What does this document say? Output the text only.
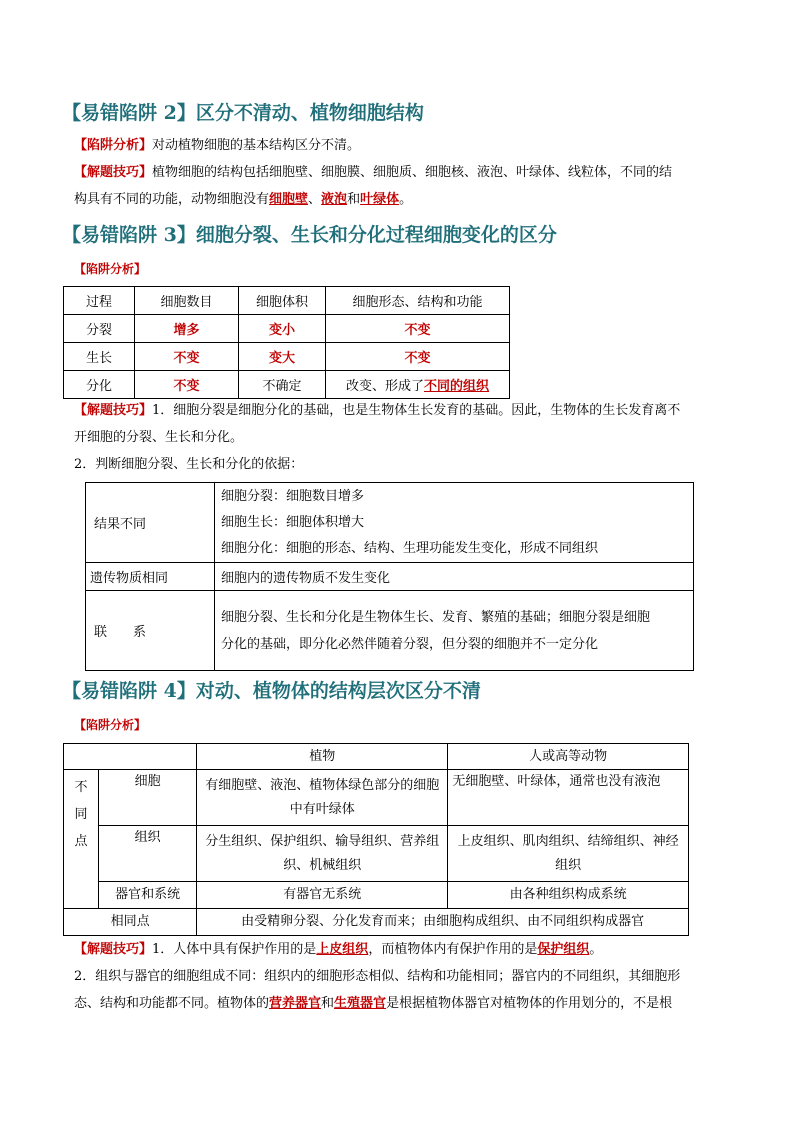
【易错陷阱 2】区分不清动、植物细胞结构
【陷阱分析】对动植物细胞的基本结构区分不清。
【解题技巧】植物细胞的结构包括细胞壁、细胞膜、细胞质、细胞核、液泡、叶绿体、线粒体，不同的结
构具有不同的功能，动物细胞没有细胞壁、液泡和叶绿体。
【易错陷阱 3】细胞分裂、生长和分化过程细胞变化的区分
【陷阱分析】
过程	细胞数目	细胞体积	细胞形态、结构和功能
分裂	增多	变小	不变
生长	不变	变大	不变
分化	不变	不确定	改变、形成了不同的组织
【解题技巧】1．细胞分裂是细胞分化的基础，也是生物体生长发育的基础。因此，生物体的生长发育离不
开细胞的分裂、生长和分化。
2．判断细胞分裂、生长和分化的依据：
结果不同	细胞分裂：细胞数目增多
细胞生长：细胞体积增大
细胞分化：细胞的形态、结构、生理功能发生变化，形成不同组织

遗传物质相同	细胞内的遗传物质不发生变化
联　　系	细胞分裂、生长和分化是生物体生长、发育、繁殖的基础；细胞分裂是细胞
分化的基础，即分化必然伴随着分裂，但分裂的细胞并不一定分化
【易错陷阱 4】对动、植物体的结构层次区分不清
【陷阱分析】
		植物	人或高等动物
不
同
点	细胞	有细胞壁、液泡、植物体绿色部分的细胞中有叶绿体	无细胞壁、叶绿体，通常也没有液泡
	组织	分生组织、保护组织、输导组织、营养组织、机械组织	上皮组织、肌肉组织、结缔组织、神经组织
	器官和系统	有器官无系统	由各种组织构成系统
相同点		由受精卵分裂、分化发育而来；由细胞构成组织、由不同组织构成器官	
【解题技巧】1．人体中具有保护作用的是上皮组织，而植物体内有保护作用的是保护组织。
2．组织与器官的细胞组成不同：组织内的细胞形态相似、结构和功能相同；器官内的不同组织，其细胞形
态、结构和功能都不同。植物体的营养器官和生殖器官是根据植物体器官对植物体的作用划分的，不是根
